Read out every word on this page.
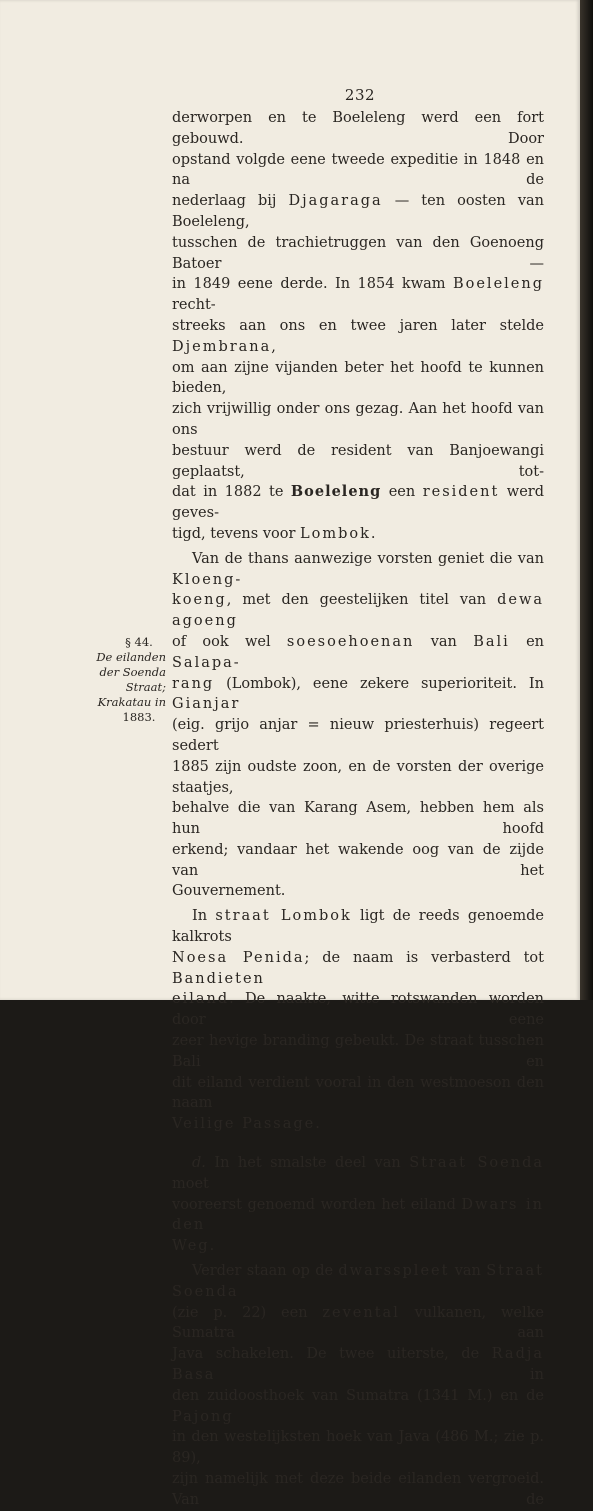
232
§ 44.
De eilanden
der Soenda
Straat;
Krakatau in
1883.

derworpen en te Boeleleng werd een fort gebouwd. Door

opstand volgde eene tweede expeditie in 1848 en na de

nederlaag bij Djagaraga — ten oosten van Boeleleng,

tusschen de trachietruggen van den Goenoeng Batoer —

in 1849 eene derde. In 1854 kwam Boeleleng recht-

streeks aan ons en twee jaren later stelde Djembrana,

om aan zijne vijanden beter het hoofd te kunnen bieden,

zich vrijwillig onder ons gezag. Aan het hoofd van ons

bestuur werd de resident van Banjoewangi geplaatst, tot-

dat in 1882 te Boeleleng een resident werd geves-

tigd, tevens voor Lombok.

Van de thans aanwezige vorsten geniet die van Kloeng-

koeng, met den geestelijken titel van dewa agoeng

of ook wel soesoehoenan van Bali en Salapa-

rang (Lombok), eene zekere superioriteit. In Gianjar

(eig. grijo anjar = nieuw priesterhuis) regeert sedert

1885 zijn oudste zoon, en de vorsten der overige staatjes,

behalve die van Karang Asem, hebben hem als hun hoofd

erkend; vandaar het wakende oog van de zijde van het

Gouvernement.

In straat Lombok ligt de reeds genoemde kalkrots

Noesa Penida; de naam is verbasterd tot Bandieten

eiland. De naakte, witte rotswanden worden door eene

zeer hevige branding gebeukt. De straat tusschen Bali en

dit eiland verdient vooral in den westmoeson den naam

Veilige Passage.

d. In het smalste deel van Straat Soenda moet

vooreerst genoemd worden het eiland Dwars in den

Weg.

Verder staan op de dwarsspleet van Straat Soenda

(zie p. 22) een zevental vulkanen, welke Sumatra aan

Java schakelen. De twee uiterste, de Radja Basa in

den zuidoosthoek van Sumatra (1341 M.) en de Pajong

in den westelijksten hoek van Java (486 M.; zie p. 89),

zijn namelijk met deze beide eilanden vergroeid. Van de
